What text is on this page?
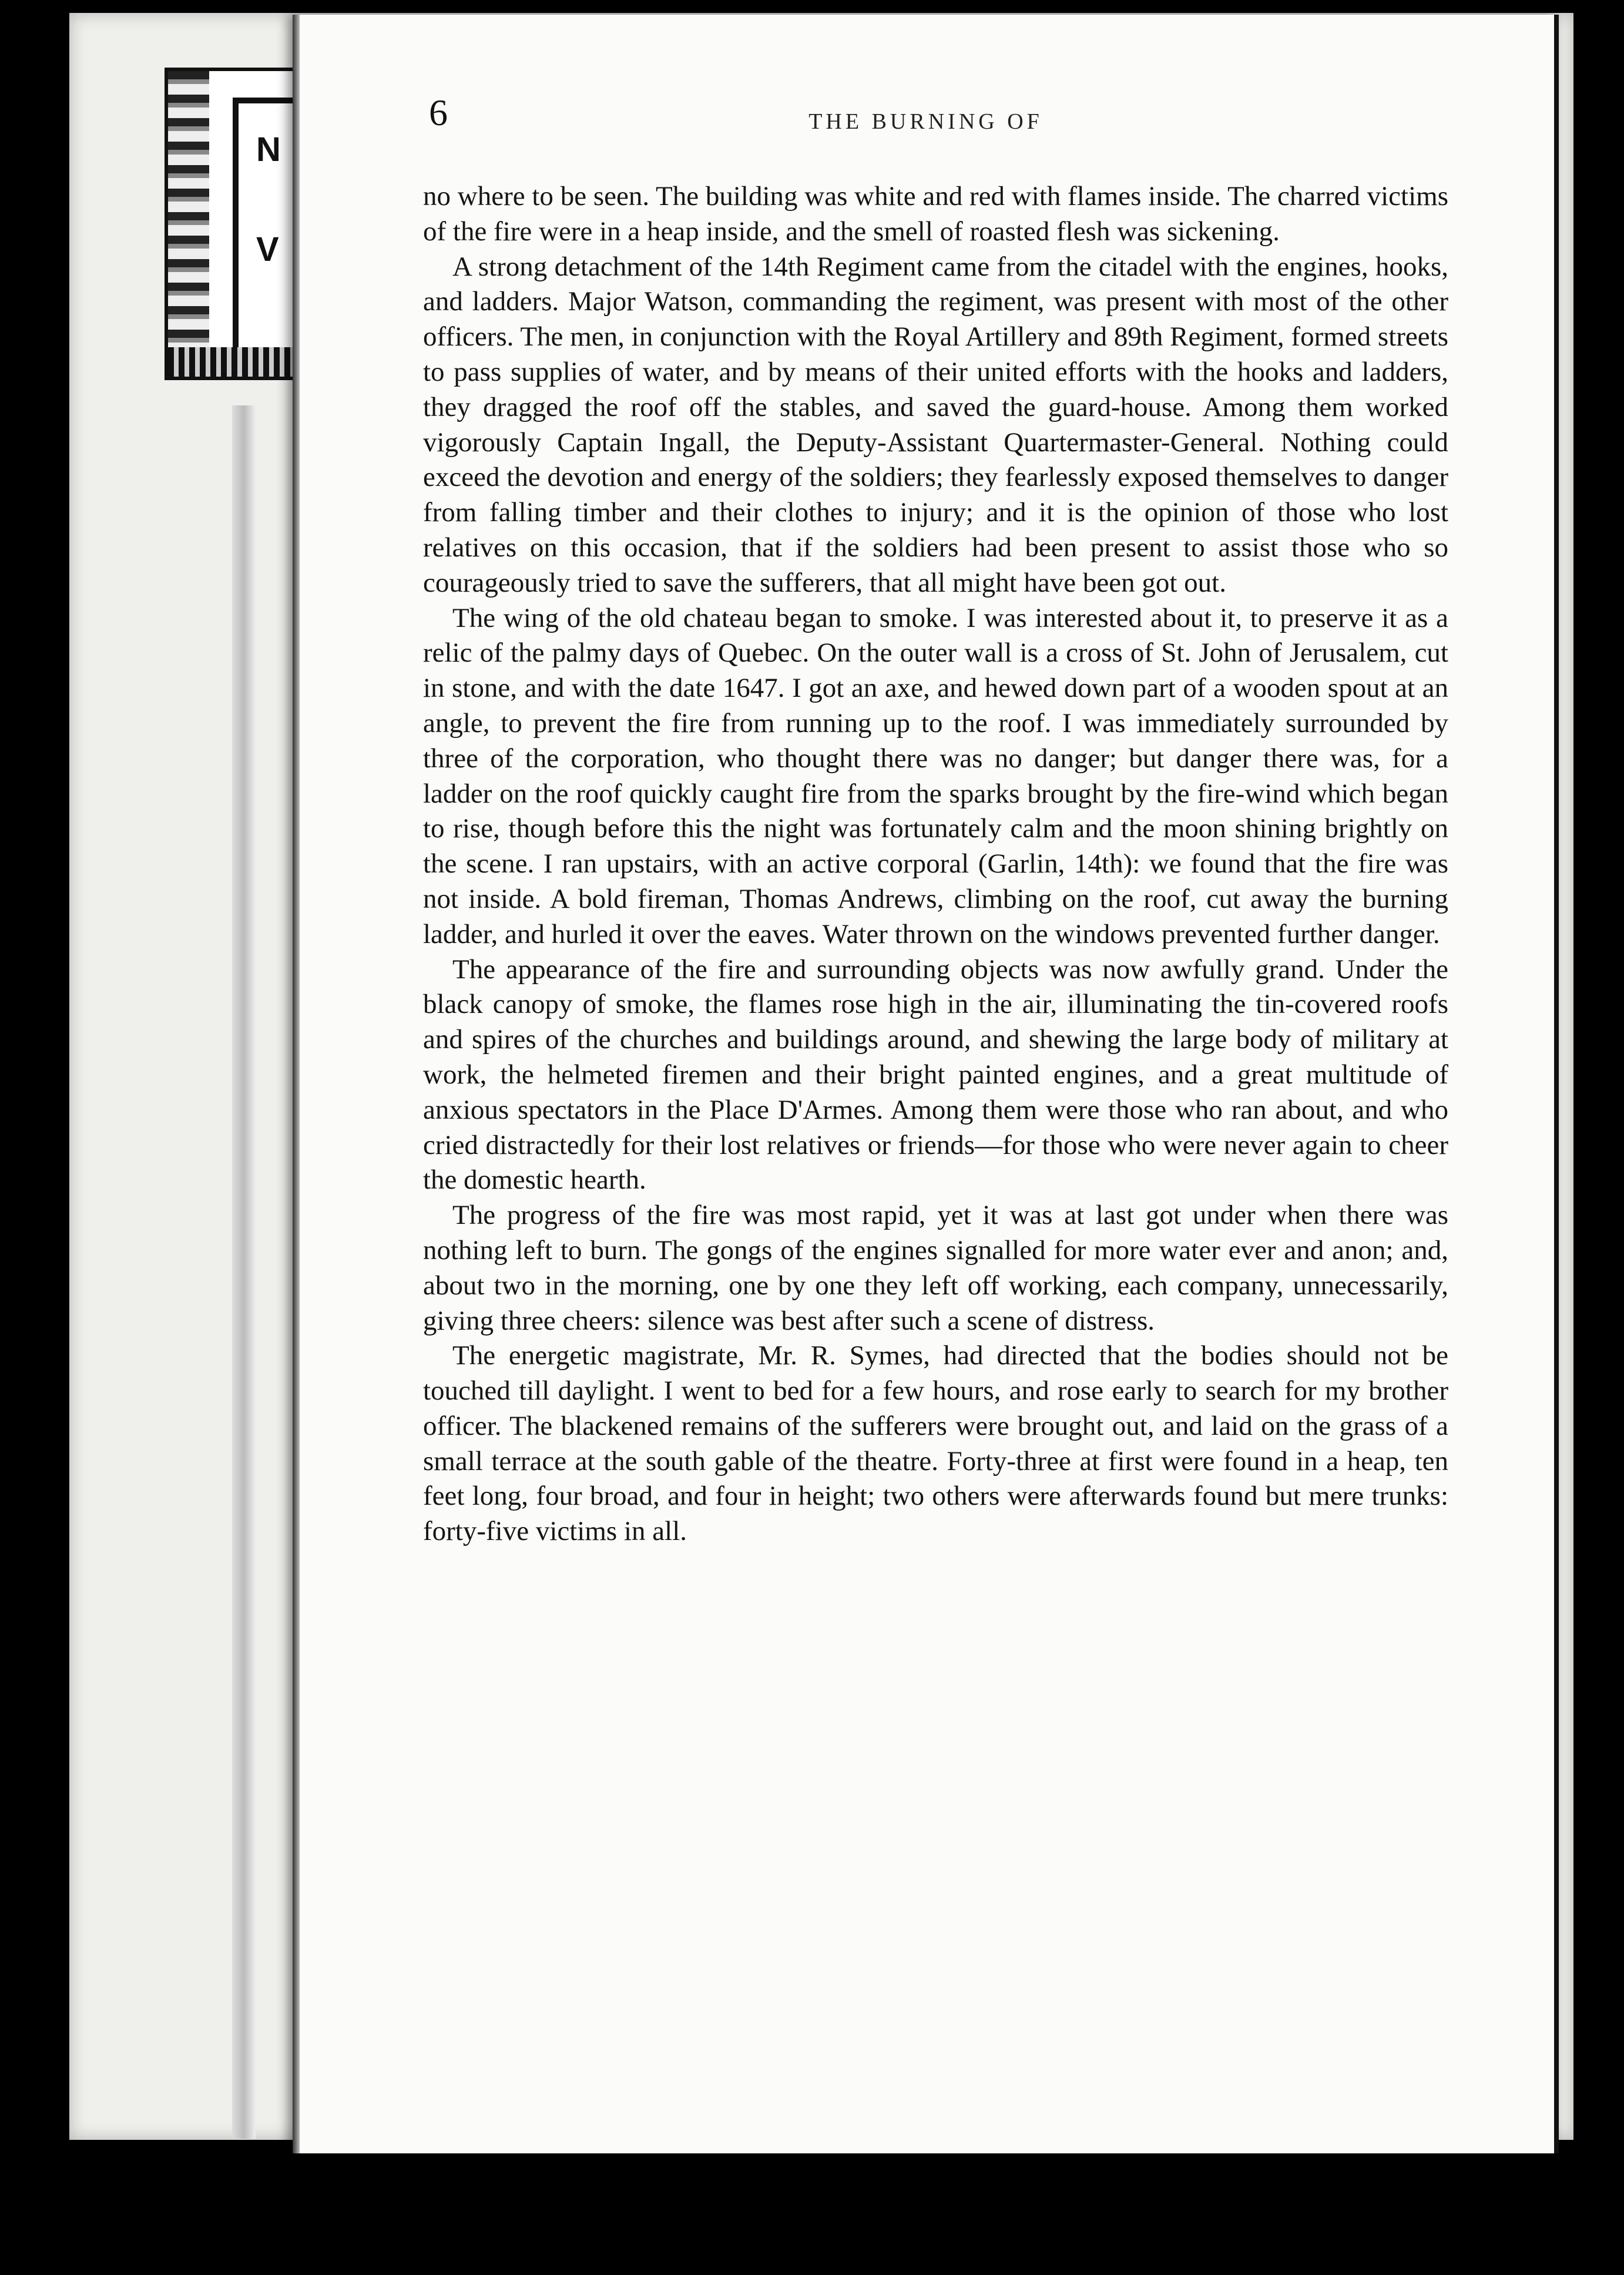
N
V
6	THE BURNING OF

no where to be seen. The building was white and red with flames inside. The charred victims of the fire were in a heap inside, and the smell of roasted flesh was sickening.

A strong detachment of the 14th Regiment came from the citadel with the engines, hooks, and ladders. Major Watson, commanding the regiment, was present with most of the other officers. The men, in conjunction with the Royal Artillery and 89th Regiment, formed streets to pass supplies of water, and by means of their united efforts with the hooks and ladders, they dragged the roof off the stables, and saved the guard-house. Among them worked vigorously Captain Ingall, the Deputy-Assistant Quartermaster-General. Nothing could exceed the devotion and energy of the soldiers; they fearlessly exposed themselves to danger from falling timber and their clothes to injury; and it is the opinion of those who lost relatives on this occasion, that if the soldiers had been present to assist those who so courageously tried to save the sufferers, that all might have been got out.

The wing of the old chateau began to smoke. I was interested about it, to preserve it as a relic of the palmy days of Quebec. On the outer wall is a cross of St. John of Jerusalem, cut in stone, and with the date 1647. I got an axe, and hewed down part of a wooden spout at an angle, to prevent the fire from running up to the roof. I was immediately surrounded by three of the corporation, who thought there was no danger; but danger there was, for a ladder on the roof quickly caught fire from the sparks brought by the fire-wind which began to rise, though before this the night was fortunately calm and the moon shining brightly on the scene. I ran upstairs, with an active corporal (Garlin, 14th): we found that the fire was not inside. A bold fireman, Thomas Andrews, climbing on the roof, cut away the burning ladder, and hurled it over the eaves. Water thrown on the windows prevented further danger.

The appearance of the fire and surrounding objects was now awfully grand. Under the black canopy of smoke, the flames rose high in the air, illuminating the tin-covered roofs and spires of the churches and buildings around, and shewing the large body of military at work, the helmeted firemen and their bright painted engines, and a great multitude of anxious spectators in the Place D'Armes. Among them were those who ran about, and who cried distractedly for their lost relatives or friends—for those who were never again to cheer the domestic hearth.

The progress of the fire was most rapid, yet it was at last got under when there was nothing left to burn. The gongs of the engines signalled for more water ever and anon; and, about two in the morning, one by one they left off working, each company, unnecessarily, giving three cheers: silence was best after such a scene of distress.

The energetic magistrate, Mr. R. Symes, had directed that the bodies should not be touched till daylight. I went to bed for a few hours, and rose early to search for my brother officer. The blackened remains of the sufferers were brought out, and laid on the grass of a small terrace at the south gable of the theatre. Forty-three at first were found in a heap, ten feet long, four broad, and four in height; two others were afterwards found but mere trunks: forty-five victims in all.
